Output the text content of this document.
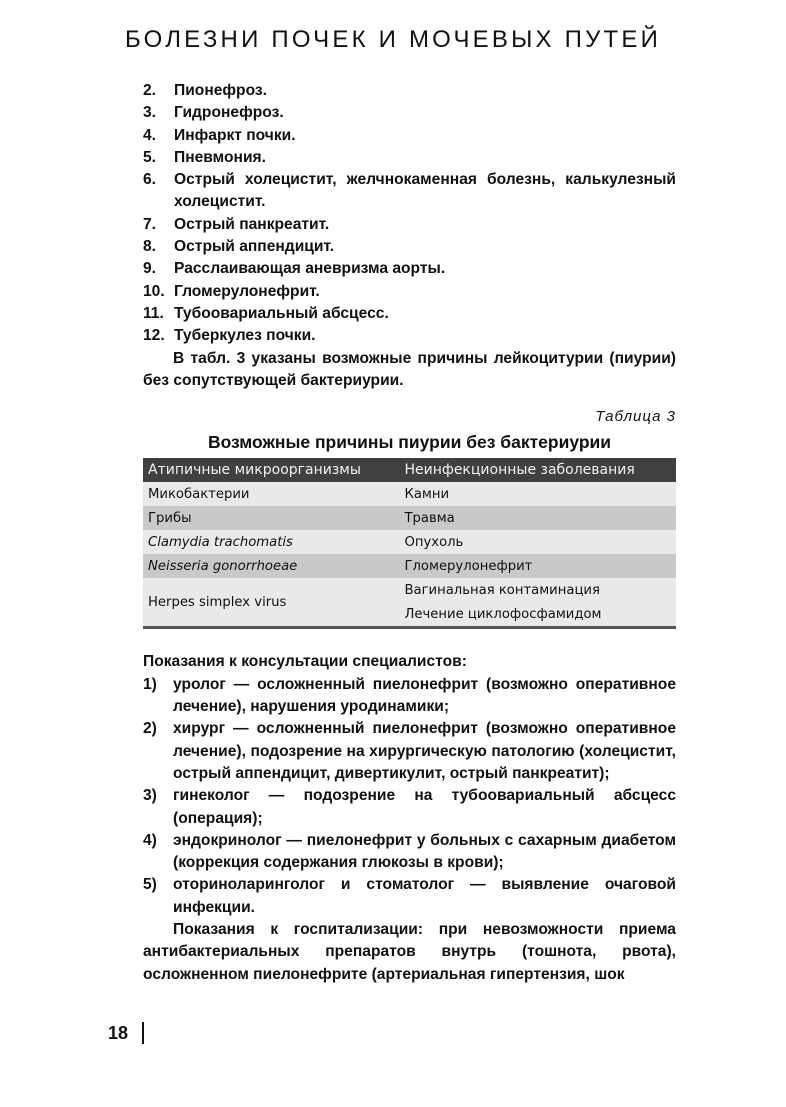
БОЛЕЗНИ ПОЧЕК И МОЧЕВЫХ ПУТЕЙ
2.	Пионефроз.
3.	Гидронефроз.
4.	Инфаркт почки.
5.	Пневмония.
6.	Острый холецистит, желчнокаменная болезнь, калькулезный холецистит.
7.	Острый панкреатит.
8.	Острый аппендицит.
9.	Расслаивающая аневризма аорты.
10. Гломерулонефрит.
11. Тубоовариальный абсцесс.
12. Туберкулез почки.

В табл. 3 указаны возможные причины лейкоцитурии (пиурии) без сопутствующей бактериурии.

Таблица 3
Возможные причины пиурии без бактериурии
Атипичные микроорганизмы	Неинфекционные заболевания
Микобактерии	Камни
Грибы	Травма
Clamydia trachomatis	Опухоль
Neisseria gonorrhoeae	Гломерулонефрит
Herpes simplex virus	Вагинальная контаминация
	Лечение циклофосфамидом
Показания к консультации специалистов:
1)	уролог — осложненный пиелонефрит (возможно оперативное лечение), нарушения уродинамики;
2)	хирург — осложненный пиелонефрит (возможно оперативное лечение), подозрение на хирургическую патологию (холецистит, острый аппендицит, дивертикулит, острый панкреатит);
3)	гинеколог — подозрение на тубоовариальный абсцесс (операция);
4)	эндокринолог — пиелонефрит у больных с сахарным диабетом (коррекция содержания глюкозы в крови);
5)	оториноларинголог и стоматолог — выявление очаговой инфекции.

Показания к госпитализации: при невозможности приема антибактериальных препаратов внутрь (тошнота, рвота), осложненном пиелонефрите (артериальная гипертензия, шок

18
